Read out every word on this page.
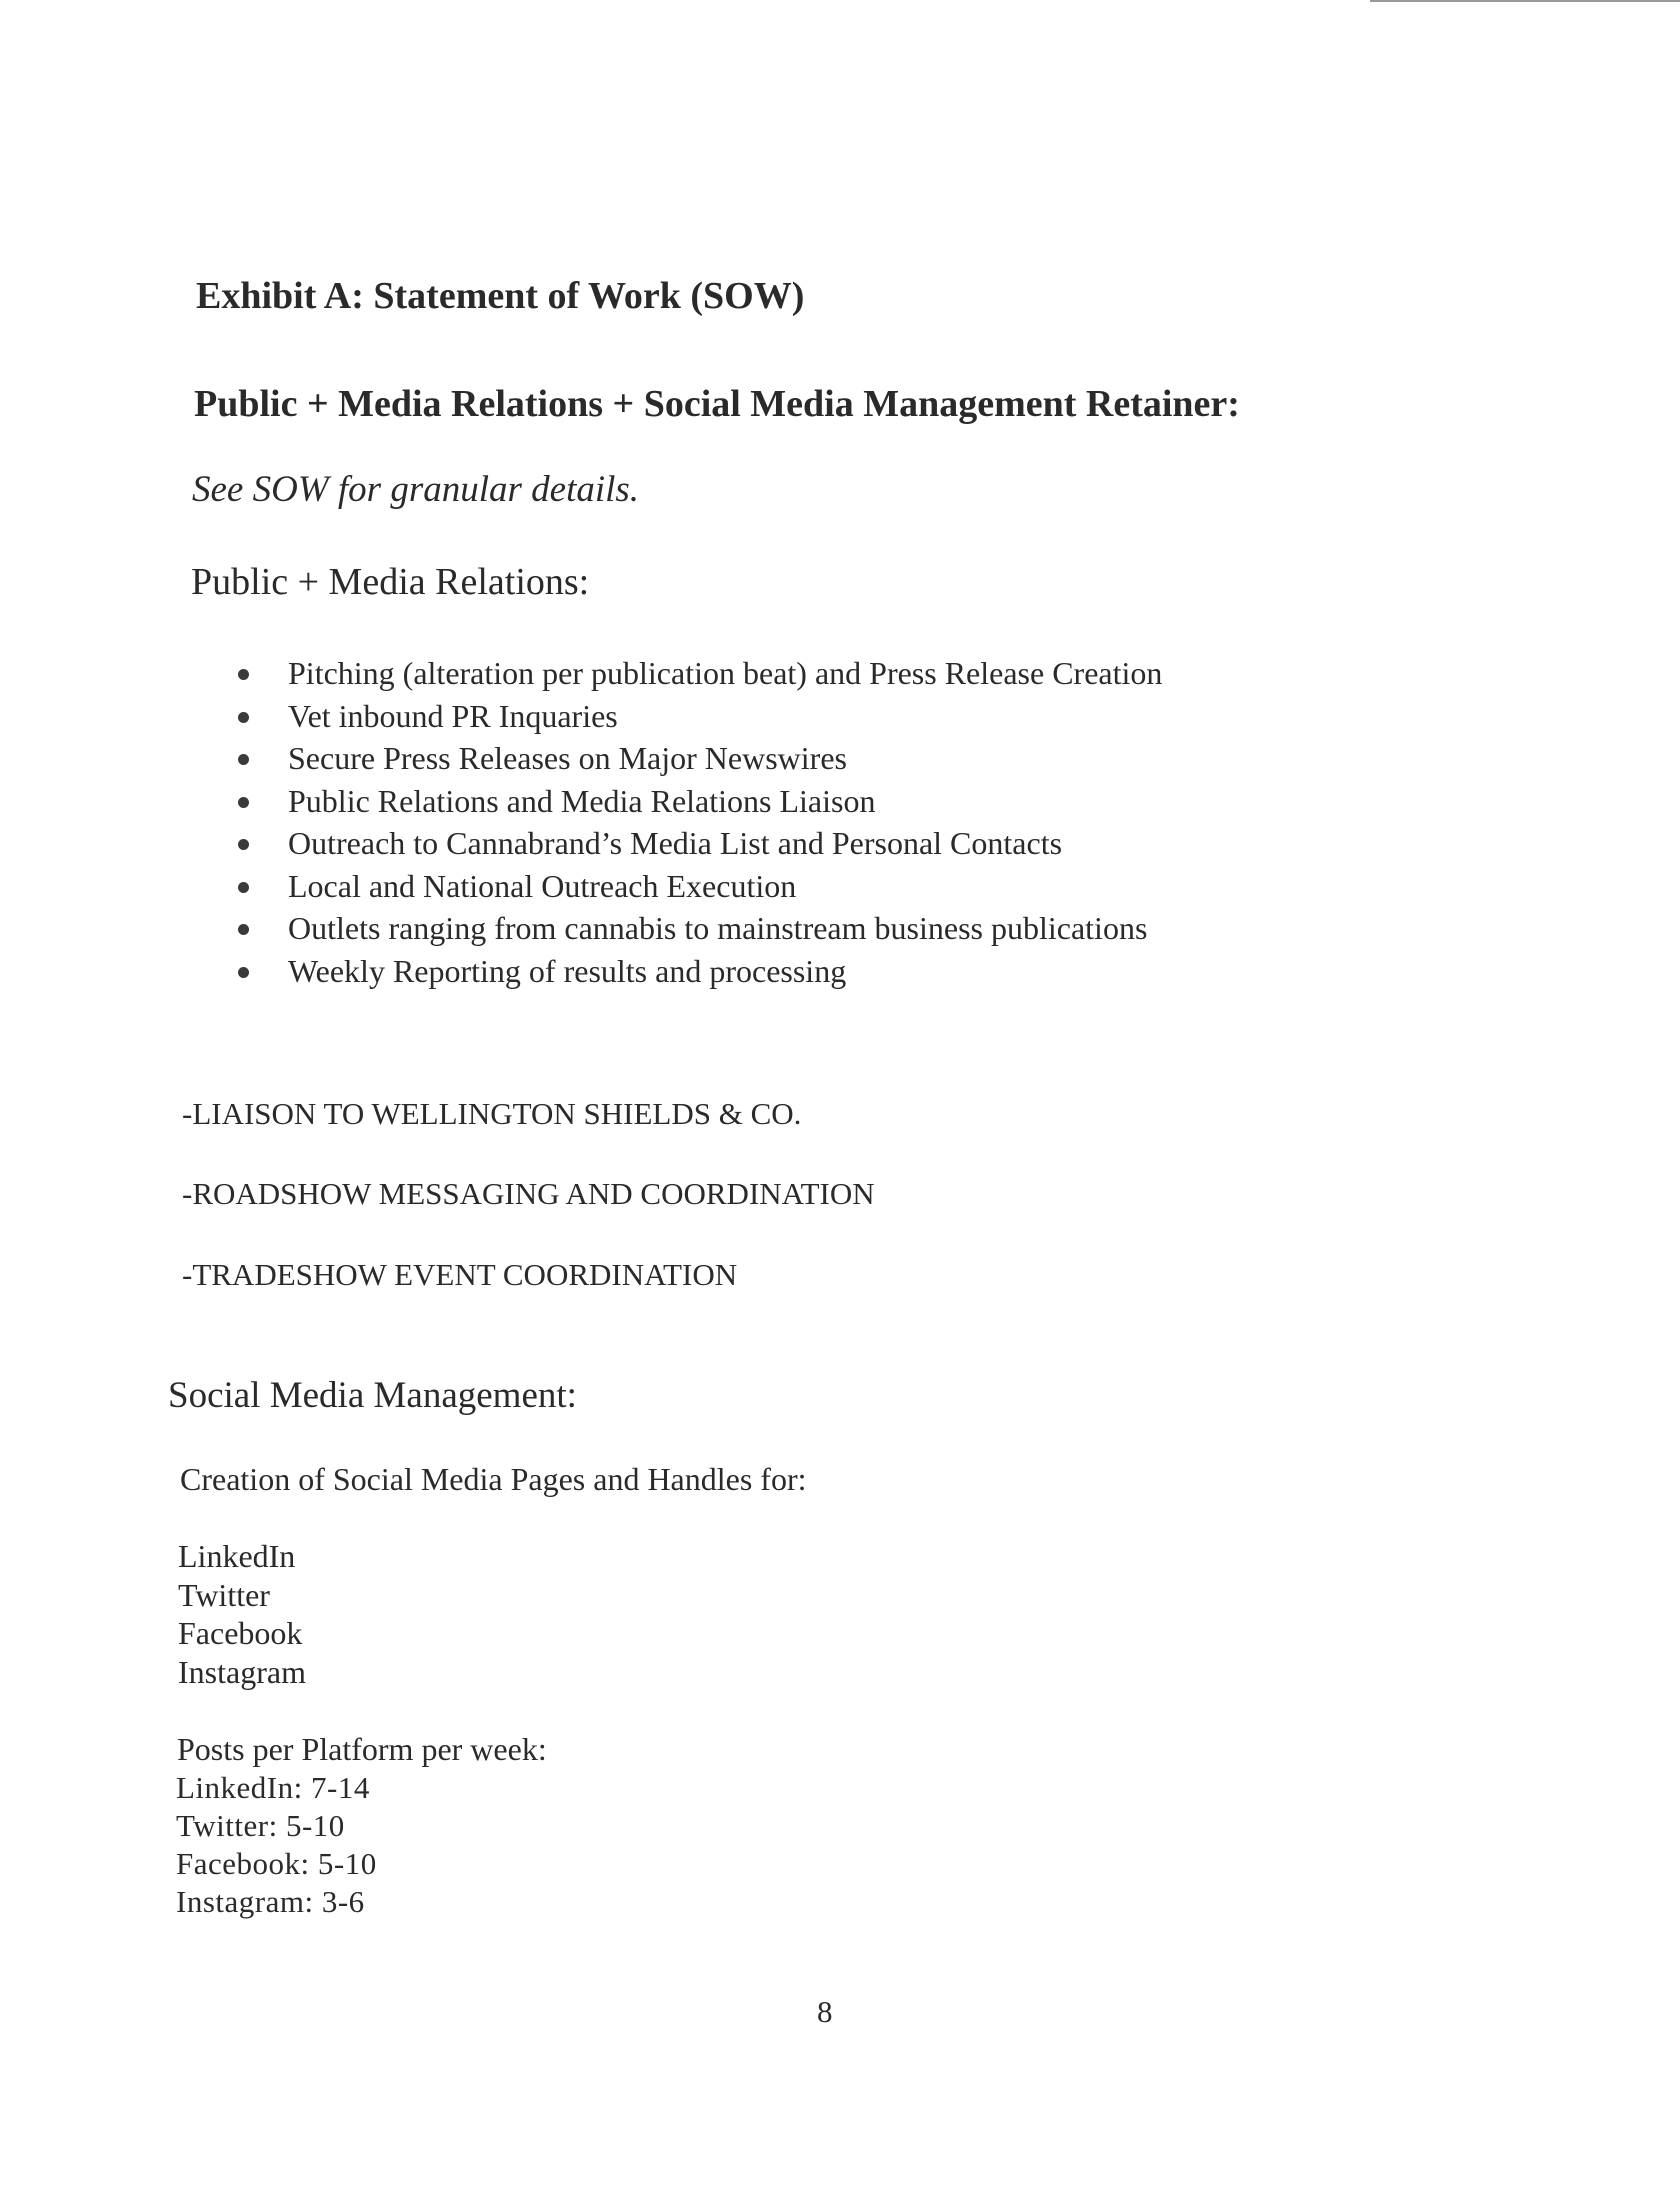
Exhibit A: Statement of Work (SOW)
Public + Media Relations + Social Media Management Retainer:
See SOW for granular details.
Public + Media Relations:
Pitching (alteration per publication beat) and Press Release Creation
Vet inbound PR Inquaries
Secure Press Releases on Major Newswires
Public Relations and Media Relations Liaison
Outreach to Cannabrand’s Media List and Personal Contacts
Local and National Outreach Execution
Outlets ranging from cannabis to mainstream business publications
Weekly Reporting of results and processing
-LIAISON TO WELLINGTON SHIELDS & CO.
-ROADSHOW MESSAGING AND COORDINATION
-TRADESHOW EVENT COORDINATION
Social Media Management:
Creation of Social Media Pages and Handles for:
LinkedIn
Twitter
Facebook
Instagram
Posts per Platform per week:
LinkedIn: 7-14
Twitter: 5-10
Facebook: 5-10
Instagram: 3-6
8
